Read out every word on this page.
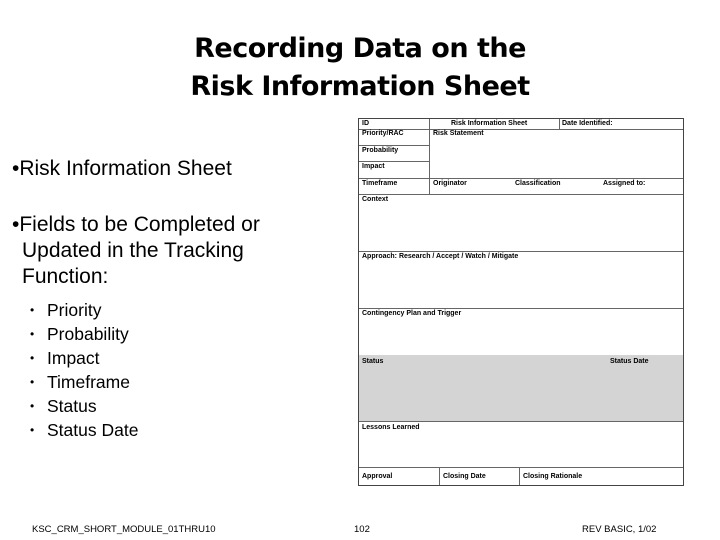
Recording Data on the
Risk Information Sheet
•Risk Information Sheet
•Fields to be Completed or
Updated in the Tracking
Function:
• Priority
• Probability
• Impact
• Timeframe
• Status
• Status Date
ID	Risk Information Sheet	Date Identified:
Priority/RAC	Risk Statement
Probability
Impact
Timeframe	Originator	Classification	Assigned to:
Context
Approach: Research / Accept / Watch / Mitigate
Contingency Plan and Trigger
Status	Status Date
Lessons Learned
Approval	Closing Date	Closing Rationale
KSC_CRM_SHORT_MODULE_01THRU10	102	REV BASIC, 1/02
